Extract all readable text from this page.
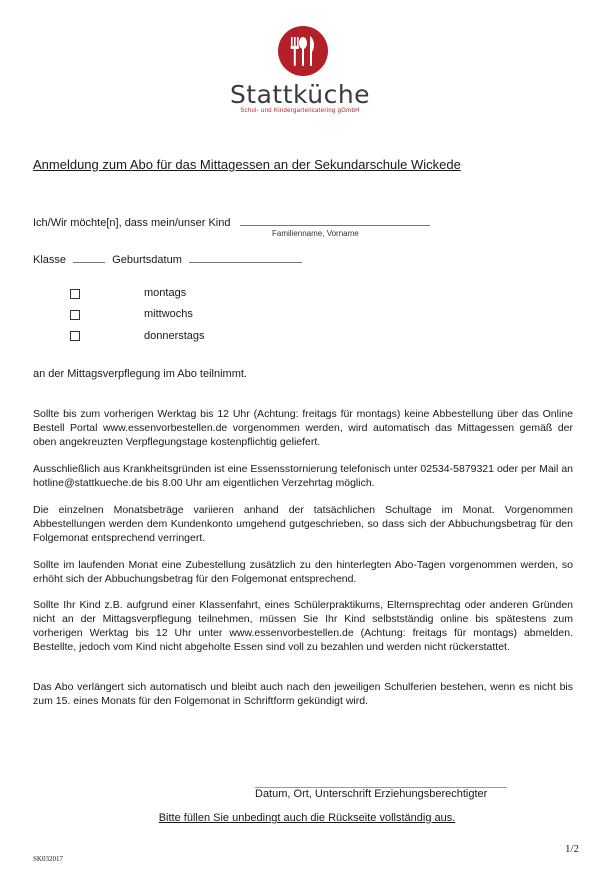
Stattküche
Schul- und Kindergartencatering gGmbH
Anmeldung zum Abo für das Mittagessen an der Sekundarschule Wickede
Ich/Wir möchte[n], dass mein/unser Kind
Familienname, Vorname
Klasse	Geburtsdatum
montags
mittwochs
donnerstags
an der Mittagsverpflegung im Abo teilnimmt.
Sollte bis zum vorherigen Werktag bis 12 Uhr (Achtung: freitags für montags) keine Abbestellung über das Online Bestell Portal www.essenvorbestellen.de vorgenommen werden, wird automatisch das Mittagessen gemäß der oben angekreuzten Verpflegungstage kostenpflichtig geliefert.
Ausschließlich aus Krankheitsgründen ist eine Essensstornierung telefonisch unter 02534-5879321 oder per Mail an hotline@stattkueche.de bis 8.00 Uhr am eigentlichen Verzehrtag möglich.
Die einzelnen Monatsbeträge variieren anhand der tatsächlichen Schultage im Monat. Vorgenommen Abbestellungen werden dem Kundenkonto umgehend gutgeschrieben, so dass sich der Abbuchungsbetrag für den Folgemonat entsprechend verringert.
Sollte im laufenden Monat eine Zubestellung zusätzlich zu den hinterlegten Abo-Tagen vorgenommen werden, so erhöht sich der Abbuchungsbetrag für den Folgemonat entsprechend.
Sollte Ihr Kind z.B. aufgrund einer Klassenfahrt, eines Schülerpraktikums, Elternsprechtag oder anderen Gründen nicht an der Mittagsverpflegung teilnehmen, müssen Sie Ihr Kind selbstständig online bis spätestens zum vorherigen Werktag bis 12 Uhr unter www.essenvorbestellen.de (Achtung: freitags für montags) abmelden. Bestellte, jedoch vom Kind nicht abgeholte Essen sind voll zu bezahlen und werden nicht rückerstattet.
Das Abo verlängert sich automatisch und bleibt auch nach den jeweiligen Schulferien bestehen, wenn es nicht bis zum 15. eines Monats für den Folgemonat in Schriftform gekündigt wird.
Datum, Ort, Unterschrift Erziehungsberechtigter
Bitte füllen Sie unbedingt auch die Rückseite vollständig aus.
1/2
SK032017
